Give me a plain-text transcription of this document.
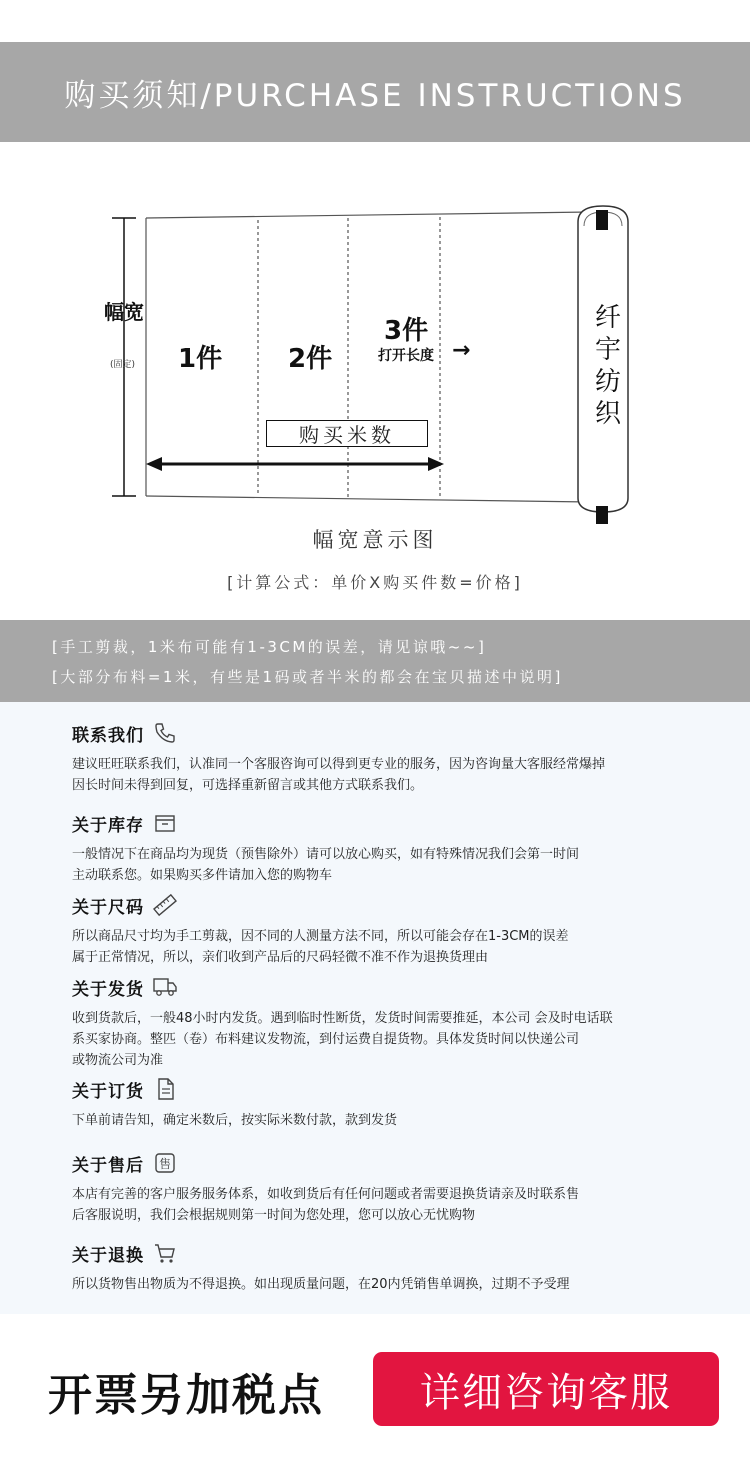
购买须知/PURCHASE INSTRUCTIONS
幅宽
(固定) 1件	2件
3件
打开长度 →
购买米数
纤宇纺织
幅宽意示图
[计算公式：单价X购买件数=价格]
[手工剪裁，1米布可能有1-3CM的误差，请见谅哦~~]
[大部分布料=1米，有些是1码或者半米的都会在宝贝描述中说明]
联系我们
建议旺旺联系我们，认准同一个客服咨询可以得到更专业的服务，因为咨询量大客服经常爆掉
因长时间未得到回复，可选择重新留言或其他方式联系我们。
关于库存
一般情况下在商品均为现货（预售除外）请可以放心购买，如有特殊情况我们会第一时间
主动联系您。如果购买多件请加入您的购物车
关于尺码
所以商品尺寸均为手工剪裁，因不同的人测量方法不同，所以可能会存在1-3CM的误差
属于正常情况，所以，亲们收到产品后的尺码轻微不准不作为退换货理由
关于发货
收到货款后，一般48小时内发货。遇到临时性断货，发货时间需要推延，本公司 会及时电话联
系买家协商。整匹（卷）布料建议发物流，到付运费自提货物。具体发货时间以快递公司
或物流公司为准
关于订货
下单前请告知，确定米数后，按实际米数付款，款到发货
关于售后 售
本店有完善的客户服务服务体系，如收到货后有任何问题或者需要退换货请亲及时联系售
后客服说明，我们会根据规则第一时间为您处理，您可以放心无忧购物
关于退换
所以货物售出物质为不得退换。如出现质量问题，在20内凭销售单调换，过期不予受理
开票另加税点	详细咨询客服
